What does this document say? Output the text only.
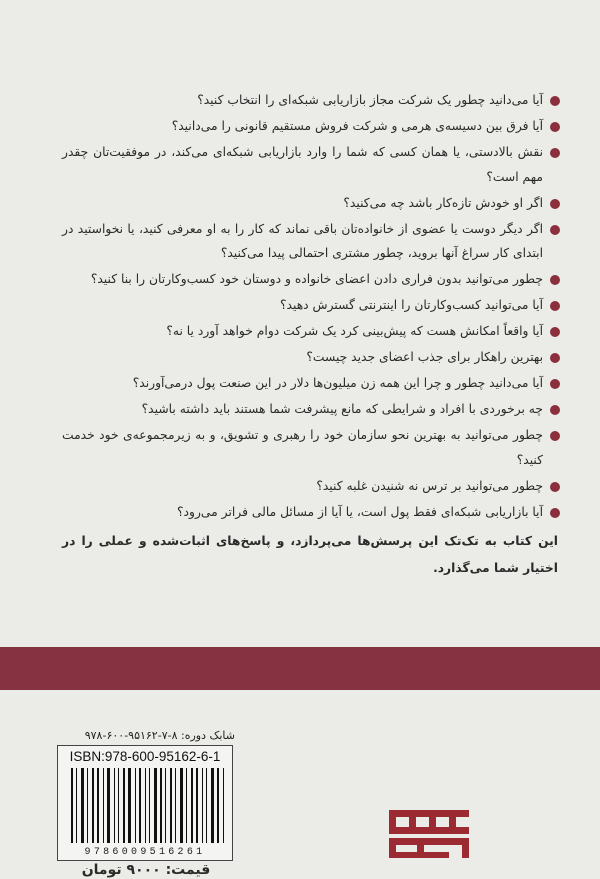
آیا می‌دانید چطور یک شرکت مجاز بازاریابی شبکه‌ای را انتخاب کنید؟
آیا فرق بین دسیسه‌ی هرمی و شرکت فروش مستقیم قانونی را می‌دانید؟
نقش بالادستی، یا همان کسی که شما را وارد بازاریابی شبکه‌ای می‌کند، در موفقیت‌تان چقدر مهم است؟
اگر او خودش تازه‌کار باشد چه می‌کنید؟
اگر دیگر دوست یا عضوی از خانواده‌تان باقی نماند که کار را به او معرفی کنید، یا نخواستید در ابتدای کار سراغ آنها بروید، چطور مشتری احتمالی پیدا می‌کنید؟
چطور می‌توانید بدون فراری دادن اعضای خانواده و دوستان خود کسب‌وکارتان را بنا کنید؟
آیا می‌توانید کسب‌وکارتان را اینترنتی گسترش دهید؟
آیا واقعاً امکانش هست که پیش‌بینی کرد یک شرکت دوام خواهد آورد یا نه؟
بهترین راهکار برای جذب اعضای جدید چیست؟
آیا می‌دانید چطور و چرا این همه زن میلیون‌ها دلار در این صنعت پول درمی‌آورند؟
چه برخوردی با افراد و شرایطی که مانع پیشرفت شما هستند باید داشته باشید؟
چطور می‌توانید به بهترین نحو سازمان خود را رهبری و تشویق، و به زیرمجموعه‌ی خود خدمت کنید؟
چطور می‌توانید بر ترس نه شنیدن غلبه کنید؟
آیا بازاریابی شبکه‌ای فقط پول است، یا آیا از مسائل مالی فراتر می‌رود؟
این کتاب به تک‌تک این پرسش‌ها می‌پردازد، و پاسخ‌های اثبات‌شده و عملی را در اختیار شما می‌گذارد.
شابک دوره: ۸-۷-۹۵۱۶۲-۶۰۰-۹۷۸
ISBN:978-600-95162-6-1
9786009516261
قیمت: ۹۰۰۰ تومان
